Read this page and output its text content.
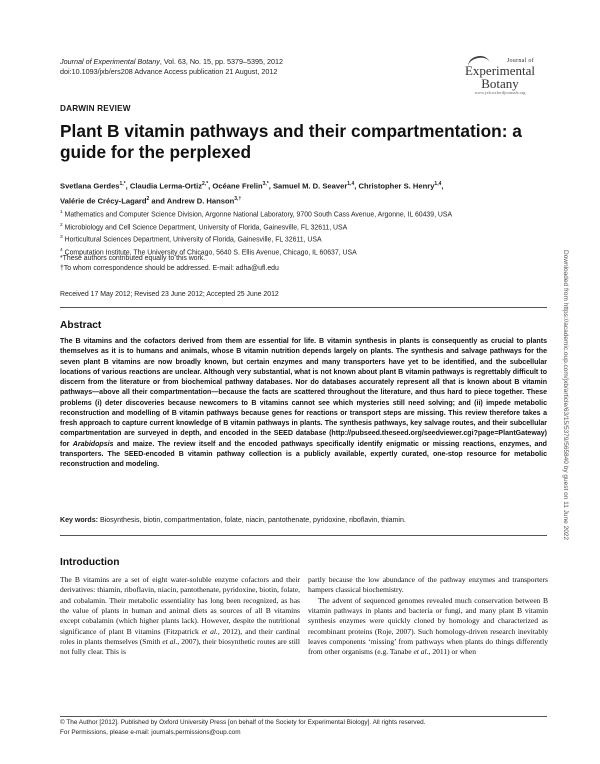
Journal of Experimental Botany, Vol. 63, No. 15, pp. 5379–5395, 2012
doi:10.1093/jxb/ers208 Advance Access publication 21 August, 2012
Journal of
Experimental
Botany
www.jxb.oxfordjournals.org
DARWIN REVIEW
Plant B vitamin pathways and their compartmentation: a
guide for the perplexed
Svetlana Gerdes$^{1,*}$, Claudia Lerma-Ortiz$^{2,*}$, Océane Frelin$^{3,*}$, Samuel M. D. Seaver$^{1,4}$, Christopher S. Henry$^{1,4}$,
Valérie de Crécy-Lagard$^2$ and Andrew D. Hanson$^{3,\dagger}$
$^1$ Mathematics and Computer Science Division, Argonne National Laboratory, 9700 South Cass Avenue, Argonne, IL 60439, USA
$^2$ Microbiology and Cell Science Department, University of Florida, Gainesville, FL 32611, USA
$^3$ Horticultural Sciences Department, University of Florida, Gainesville, FL 32611, USA
$^4$ Computation Institute, The University of Chicago, 5640 S. Ellis Avenue, Chicago, IL 60637, USA
*These authors contributed equally to this work.
†To whom correspondence should be addressed. E-mail: adha@ufl.edu
Received 17 May 2012; Revised 23 June 2012; Accepted 25 June 2012
Abstract
The B vitamins and the cofactors derived from them are essential for life. B vitamin synthesis in plants is consequently as crucial to plants themselves as it is to humans and animals, whose B vitamin nutrition depends largely on plants. The synthesis and salvage pathways for the seven plant B vitamins are now broadly known, but certain enzymes and many transporters have yet to be identified, and the subcellular locations of various reactions are unclear. Although very substantial, what is not known about plant B vitamin pathways is regrettably difficult to discern from the literature or from biochemical pathway databases. Nor do databases accurately represent all that is known about B vitamin pathways—above all their compartmentation—because the facts are scattered throughout the literature, and thus hard to piece together. These problems (i) deter discoveries because newcomers to B vitamins cannot see which mysteries still need solving; and (ii) impede metabolic reconstruction and modelling of B vitamin pathways because genes for reactions or transport steps are missing. This review therefore takes a fresh approach to capture current knowledge of B vitamin pathways in plants. The synthesis pathways, key salvage routes, and their subcellular compartmentation are surveyed in depth, and encoded in the SEED database (http://pubseed.theseed.org/seedviewer.cgi?page=PlantGateway) for Arabidopsis and maize. The review itself and the encoded pathways specifically identify enigmatic or missing reactions, enzymes, and transporters. The SEED-encoded B vitamin pathway collection is a publicly available, expertly curated, one-stop resource for metabolic reconstruction and modeling.
Key words: Biosynthesis, biotin, compartmentation, folate, niacin, pantothenate, pyridoxine, riboflavin, thiamin.
Introduction

The B vitamins are a set of eight water-soluble enzyme cofactors and their derivatives: thiamin, riboflavin, niacin, pantothenate, pyridoxine, biotin, folate, and cobalamin. Their metabolic essentiality has long been recognized, as has the value of plants in human and animal diets as sources of all B vitamins except cobalamin (which higher plants lack). However, despite the nutritional significance of plant B vitamins (Fitzpatrick et al., 2012), and their cardinal roles in plants themselves (Smith et al., 2007), their biosynthetic routes are still not fully clear. This is

partly because the low abundance of the pathway enzymes and transporters hampers classical biochemistry.

The advent of sequenced genomes revealed much conservation between B vitamin pathways in plants and bacteria or fungi, and many plant B vitamin synthesis enzymes were quickly cloned by homology and characterized as recombinant proteins (Roje, 2007). Such homology-driven research inevitably leaves components ‘missing’ from pathways when plants do things differently from other organisms (e.g. Tanabe et al., 2011) or when

© The Author [2012]. Published by Oxford University Press [on behalf of the Society for Experimental Biology]. All rights reserved.
For Permissions, please e-mail: journals.permissions@oup.com
Downloaded from https://academic.oup.com/jxb/article/63/15/5379/565840 by guest on 11 June 2022
